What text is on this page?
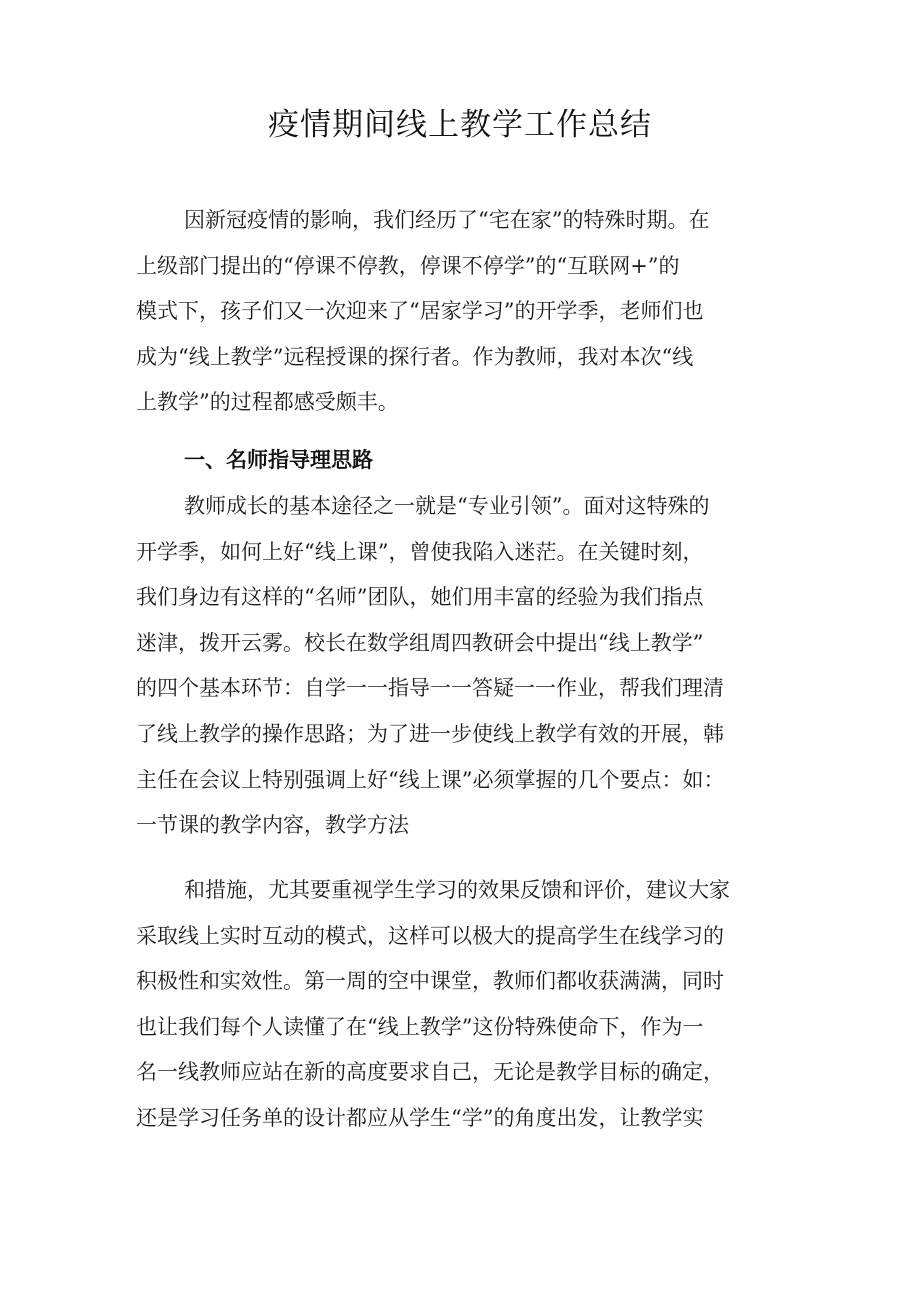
疫情期间线上教学工作总结
因新冠疫情的影响，我们经历了“宅在家”的特殊时期。在
上级部门提出的“停课不停教，停课不停学”的“互联网+”的
模式下，孩子们又一次迎来了“居家学习”的开学季，老师们也
成为“线上教学”远程授课的探行者。作为教师，我对本次“线
上教学”的过程都感受颇丰。
一、名师指导理思路
教师成长的基本途径之一就是“专业引领”。面对这特殊的
开学季，如何上好“线上课”，曾使我陷入迷茫。在关键时刻，
我们身边有这样的“名师”团队，她们用丰富的经验为我们指点
迷津，拨开云雾。校长在数学组周四教研会中提出“线上教学”
的四个基本环节：自学一一指导一一答疑一一作业，帮我们理清
了线上教学的操作思路；为了进一步使线上教学有效的开展，韩
主任在会议上特别强调上好“线上课”必须掌握的几个要点：如：
一节课的教学内容，教学方法
和措施，尤其要重视学生学习的效果反馈和评价，建议大家
采取线上实时互动的模式，这样可以极大的提高学生在线学习的
积极性和实效性。第一周的空中课堂，教师们都收获满满，同时
也让我们每个人读懂了在“线上教学”这份特殊使命下，作为一
名一线教师应站在新的高度要求自己，无论是教学目标的确定，
还是学习任务单的设计都应从学生“学”的角度出发，让教学实
